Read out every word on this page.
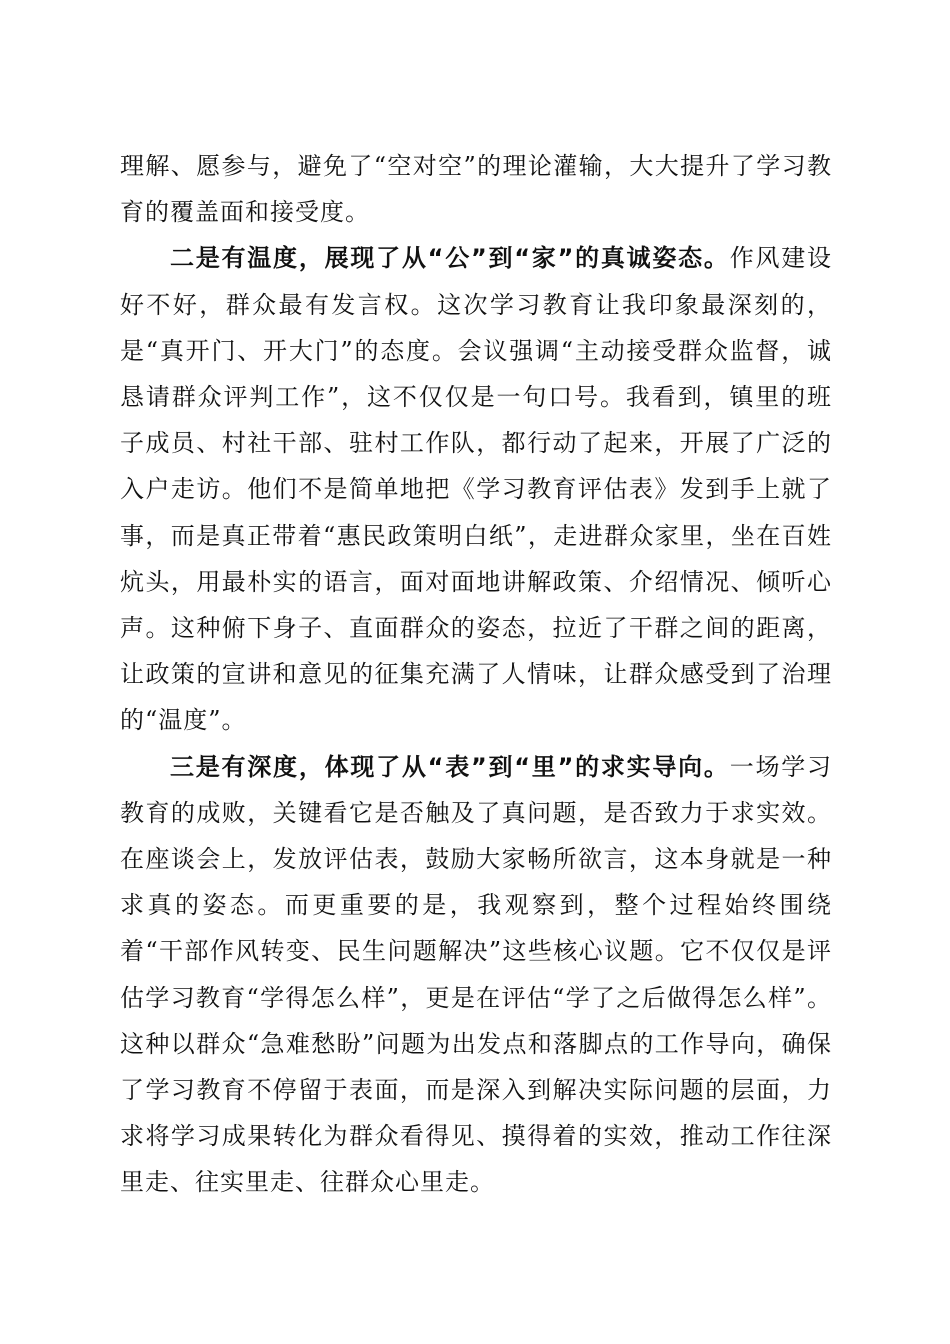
理解、愿参与，避免了“空对空”的理论灌输，大大提升了学习教育的覆盖面和接受度。

二是有温度，展现了从“公”到“家”的真诚姿态。作风建设好不好，群众最有发言权。这次学习教育让我印象最深刻的，是“真开门、开大门”的态度。会议强调“主动接受群众监督，诚恳请群众评判工作”，这不仅仅是一句口号。我看到，镇里的班子成员、村社干部、驻村工作队，都行动了起来，开展了广泛的入户走访。他们不是简单地把《学习教育评估表》发到手上就了事，而是真正带着“惠民政策明白纸”，走进群众家里，坐在百姓炕头，用最朴实的语言，面对面地讲解政策、介绍情况、倾听心声。这种俯下身子、直面群众的姿态，拉近了干群之间的距离，让政策的宣讲和意见的征集充满了人情味，让群众感受到了治理的“温度”。

三是有深度，体现了从“表”到“里”的求实导向。一场学习教育的成败，关键看它是否触及了真问题，是否致力于求实效。在座谈会上，发放评估表，鼓励大家畅所欲言，这本身就是一种求真的姿态。而更重要的是，我观察到，整个过程始终围绕着“干部作风转变、民生问题解决”这些核心议题。它不仅仅是评估学习教育“学得怎么样”，更是在评估“学了之后做得怎么样”。这种以群众“急难愁盼”问题为出发点和落脚点的工作导向，确保了学习教育不停留于表面，而是深入到解决实际问题的层面，力求将学习成果转化为群众看得见、摸得着的实效，推动工作往深里走、往实里走、往群众心里走。
